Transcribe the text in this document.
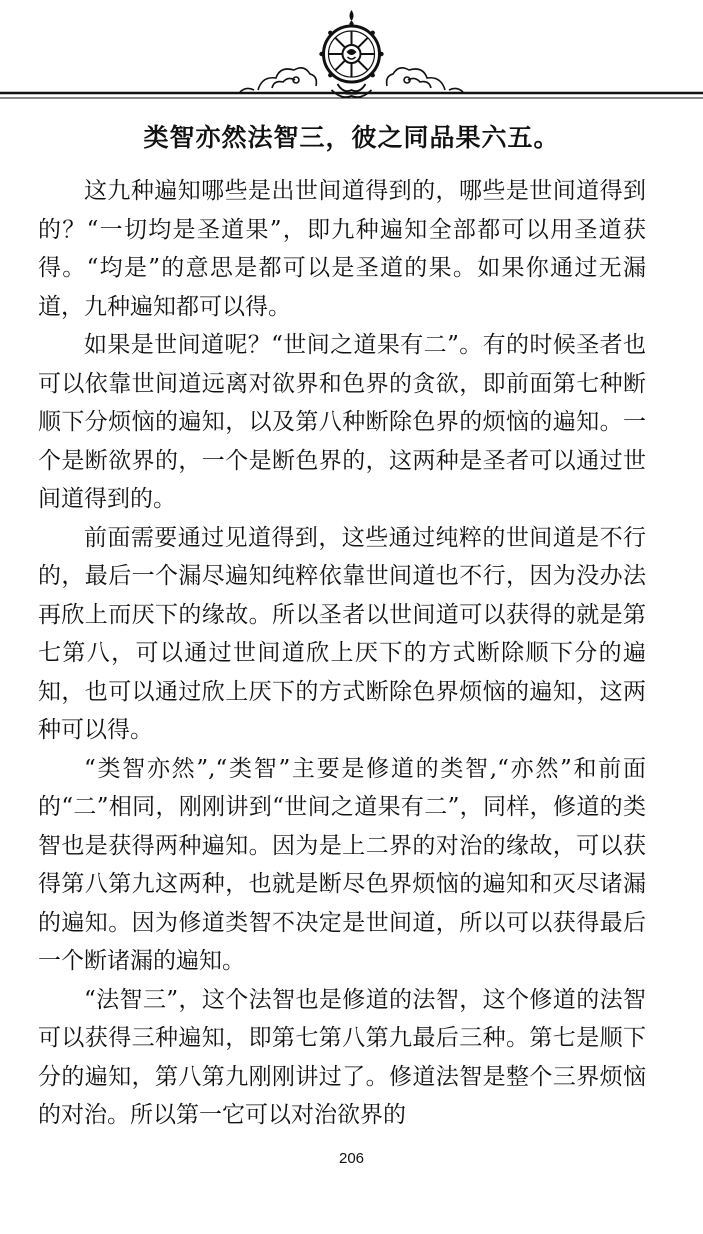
类智亦然法智三，彼之同品果六五。

这九种遍知哪些是出世间道得到的，哪些是世间道得到的？“一切均是圣道果”，即九种遍知全部都可以用圣道获得。“均是”的意思是都可以是圣道的果。如果你通过无漏道，九种遍知都可以得。

如果是世间道呢？“世间之道果有二”。有的时候圣者也可以依靠世间道远离对欲界和色界的贪欲，即前面第七种断顺下分烦恼的遍知，以及第八种断除色界的烦恼的遍知。一个是断欲界的，一个是断色界的，这两种是圣者可以通过世间道得到的。

前面需要通过见道得到，这些通过纯粹的世间道是不行的，最后一个漏尽遍知纯粹依靠世间道也不行，因为没办法再欣上而厌下的缘故。所以圣者以世间道可以获得的就是第七第八，可以通过世间道欣上厌下的方式断除顺下分的遍知，也可以通过欣上厌下的方式断除色界烦恼的遍知，这两种可以得。

“类智亦然”,“类智”主要是修道的类智,“亦然”和前面的“二”相同，刚刚讲到“世间之道果有二”，同样，修道的类智也是获得两种遍知。因为是上二界的对治的缘故，可以获得第八第九这两种，也就是断尽色界烦恼的遍知和灭尽诸漏的遍知。因为修道类智不决定是世间道，所以可以获得最后一个断诸漏的遍知。

“法智三”，这个法智也是修道的法智，这个修道的法智可以获得三种遍知，即第七第八第九最后三种。第七是顺下分的遍知，第八第九刚刚讲过了。修道法智是整个三界烦恼的对治。所以第一它可以对治欲界的

206
